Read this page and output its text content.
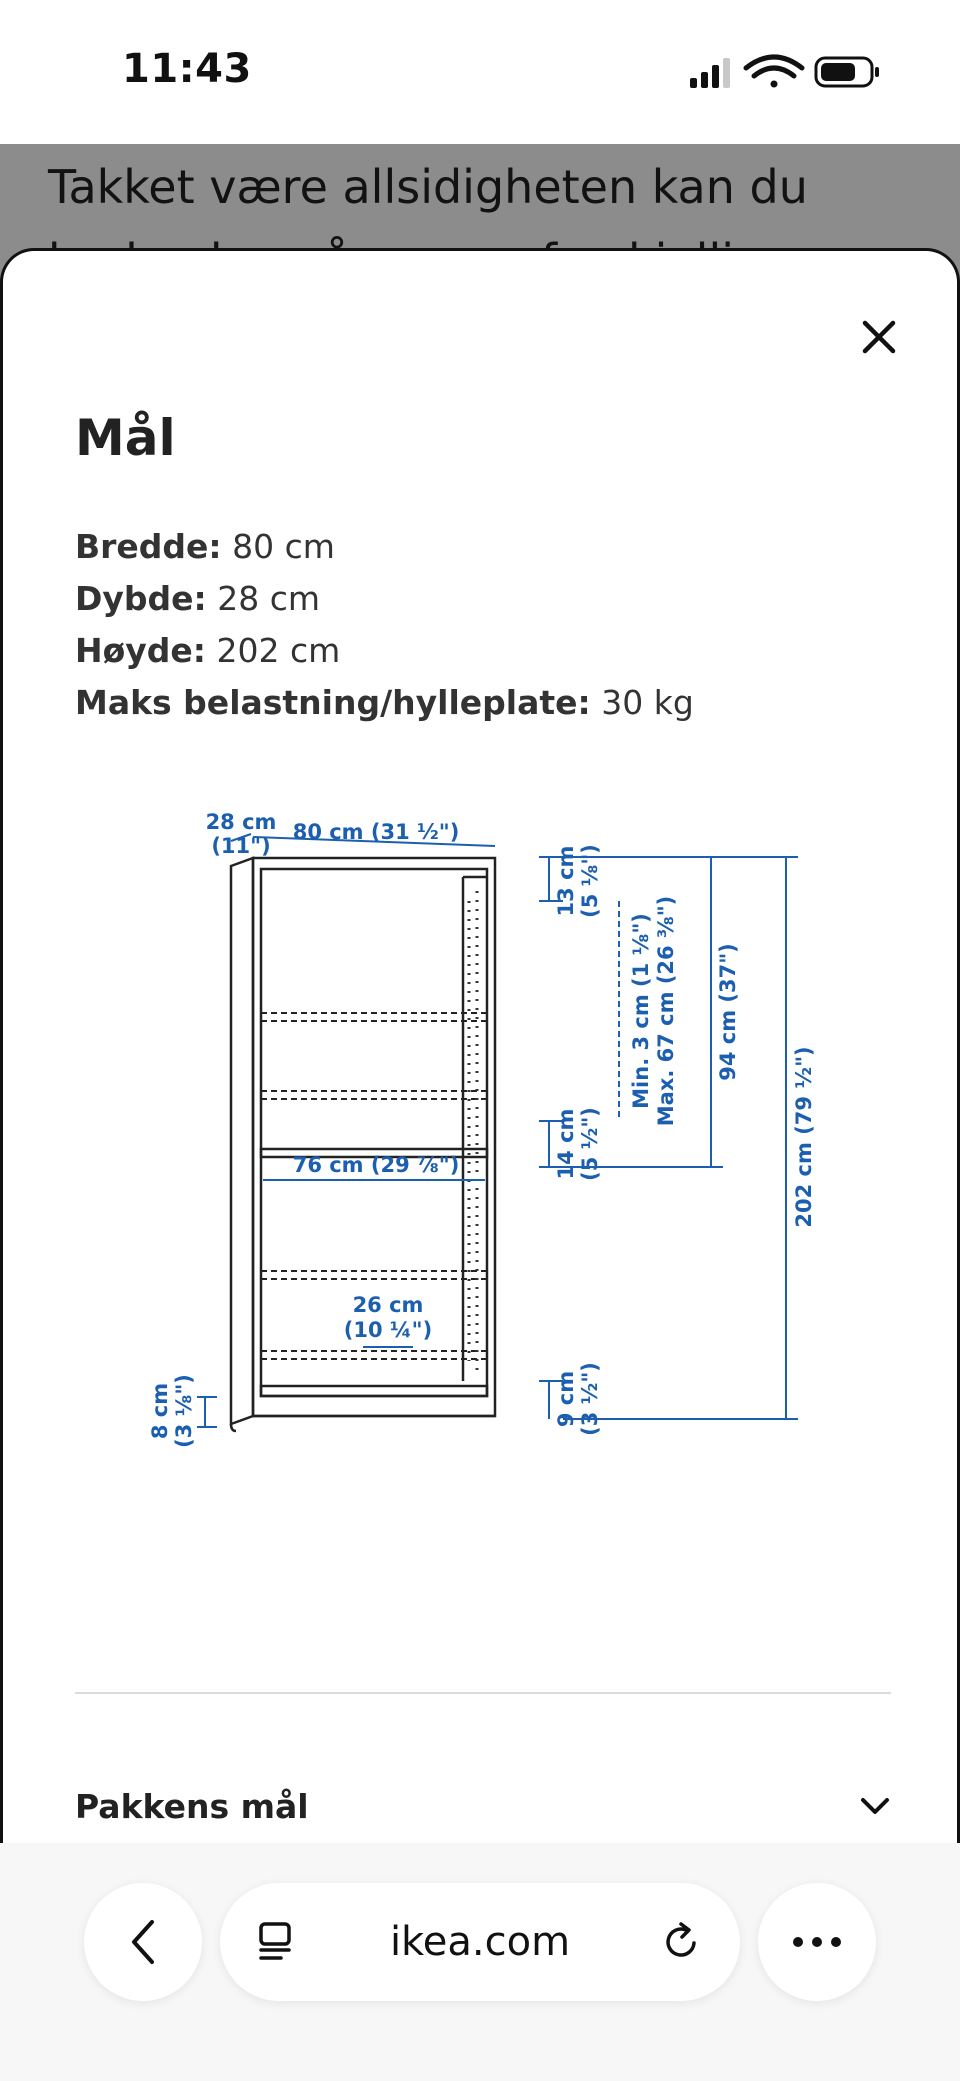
11:43
Takket være allsidigheten kan du
Mål
Bredde: 80 cm
Dybde: 28 cm
Høyde: 202 cm
Maks belastning/hylleplate: 30 kg
28 cm
(11")
80 cm (31 ½")
13 cm (5 ⅛")
Min. 3 cm (1 ⅛") Max. 67 cm (26 ⅜") 94 cm (37")
202 cm (79 ½")
14 cm (5 ½")
76 cm (29 ⅞")
26 cm
(10 ¼")
8 cm (3 ⅛")	9 cm (3 ½")
Pakkens mål
ikea.com
